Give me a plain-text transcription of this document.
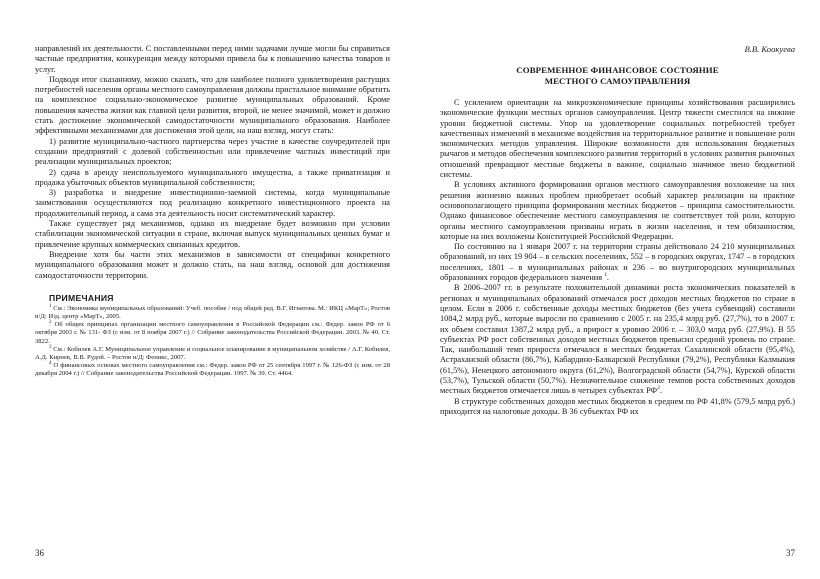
направлений их деятельности. С поставленными перед ними задачами лучше могли бы справиться частные предприятия, конкуренция между которыми привела бы к повышению качества товаров и услуг.

Подводя итог сказанному, можно сказать, что для наиболее полного удовлетворения растущих потребностей населения органы местного самоуправления должны пристальное внимание обратить на комплексное социально-экономическое развитие муниципальных образований. Кроме повышения качества жизни как главной цели развития, второй, не менее значимой, может и должно стать достижение экономической самодостаточности муниципального образования. Наиболее эффективными механизмами для достижения этой цели, на наш взгляд, могут стать:

1) развитие муниципально-частного партнерства через участие в качестве соучредителей при создании предприятий с долевой собственностью или привлечение частных инвестиций при реализации муниципальных проектов;

2) сдача в аренду неиспользуемого муниципального имущества, а также приватизация и продажа убыточных объектов муниципальной собственности;

3) разработка и внедрение инвестиционно-заемной системы, когда муниципальные заимствования осуществляются под реализацию конкретного инвестиционного проекта на продолжительный период, а сама эта деятельность носит систематический характер.

Также существует ряд механизмов, однако их внедрение будет возможно при условии стабилизации экономической ситуации в стране, включая выпуск муниципальных ценных бумаг и привлечение крупных коммерческих связанных кредитов.

Внедрение хотя бы части этих механизмов в зависимости от специфики конкретного муниципального образования может и должно стать, на наш взгляд, основой для достижения самодостаточности территории.

ПРИМЕЧАНИЯ

$^1$ См.: Экономика муниципальных образований: Учеб. пособие / под общей ред. В.Г. Игнатова. М.: ИКЦ «МарТ»; Ростов н/Д: Изд. центр «МарТ», 2005.

$^2$ Об общих принципах организации местного самоуправления в Российской Федерации см.: Федер. закон РФ от 6 октября 2003 г. № 131- ФЗ (с изм. от 8 ноября 2007 г.) // Собрание законодательства Российской Федерации. 2003. № 40. Ст. 3822.

$^3$ См.: Кобилев А.Г. Муниципальное управление и социальное планирование в муниципальном хозяйстве / А.Г. Кобилев, А.Д. Кирнев, В.В. Рудой. – Ростов н/Д: Феникс, 2007.

$^4$ О финансовых основах местного самоуправления см.: Федер. закон РФ от 25 сентября 1997 г. № 126-ФЗ (с изм. от 28 декабря 2004 г.) // Собрание законодательства Российской Федерации. 1997. № 39. Ст. 4464.

36
В.В. Коокуева
СОВРЕМЕННОЕ ФИНАНСОВОЕ СОСТОЯНИЕ
МЕСТНОГО САМОУПРАВЛЕНИЯ

С усилением ориентации на микроэкономические принципы хозяйствования расширились экономические функции местных органов самоуправления. Центр тяжести сместился на нижние уровни бюджетной системы. Упор на удовлетворение социальных потребностей требует качественных изменений в механизме воздействия на территориальное развитие и повышение роли экономических методов управления. Широкие возможности для использования бюджетных рычагов и методов обеспечения комплексного развития территорий в условиях развития рыночных отношений превращают местные бюджеты в важное, социально значимое звено бюджетной системы.

В условиях активного формирования органов местного самоуправления возложение на них решения жизненно важных проблем приобретает особый характер реализации на практике основополагающего принципа формирования местных бюджетов – принципа самостоятельности. Однако финансовое обеспечение местного самоуправления не соответствует той роли, которую органы местного самоуправления призваны играть в жизни населения, и тем обязанностям, которые на них возложены Конституцией Российской Федерации.

По состоянию на 1 января 2007 г. на территории страны действовало 24 210 муниципальных образований, из них 19 904 – в сельских поселениях, 552 – в городских округах, 1747 – в городских поселениях, 1801 – в муниципальных районах и 236 – во внутригородских муниципальных образованиях городов федерального значения $^1$.

В 2006–2007 гг. в результате положительной динамики роста экономических показателей в регионах и муниципальных образований отмечался рост доходов местных бюджетов по стране в целом. Если в 2006 г. собственные доходы местных бюджетов (без учета субвенций) составили 1084,2 млрд руб., которые выросли по сравнению с 2005 г. на 235,4 млрд руб. (27,7%), то в 2007 г. их объем составил 1387,2 млрд руб., а прирост к уровню 2006 г. – 303,0 млрд руб. (27,9%). В 55 субъектах РФ рост собственных доходов местных бюджетов превысил средний уровень по стране. Так, наибольший темп прироста отмечался в местных бюджетах Сахалинской области (95,4%), Астраханской области (86,7%), Кабардино-Балкарской Республики (79,2%), Республики Калмыкия (61,5%), Ненецкого автономного округа (61,2%), Волгоградской области (54,7%), Курской области (53,7%), Тульской области (50,7%). Незначительное снижение темпов роста собственных доходов местных бюджетов отмечается лишь в четырех субъектах $РФ^2$.

В структуре собственных доходов местных бюджетов в среднем по РФ 41,8% (579,5 млрд руб.) приходится на налоговые доходы. В 36 субъектах РФ их

37
